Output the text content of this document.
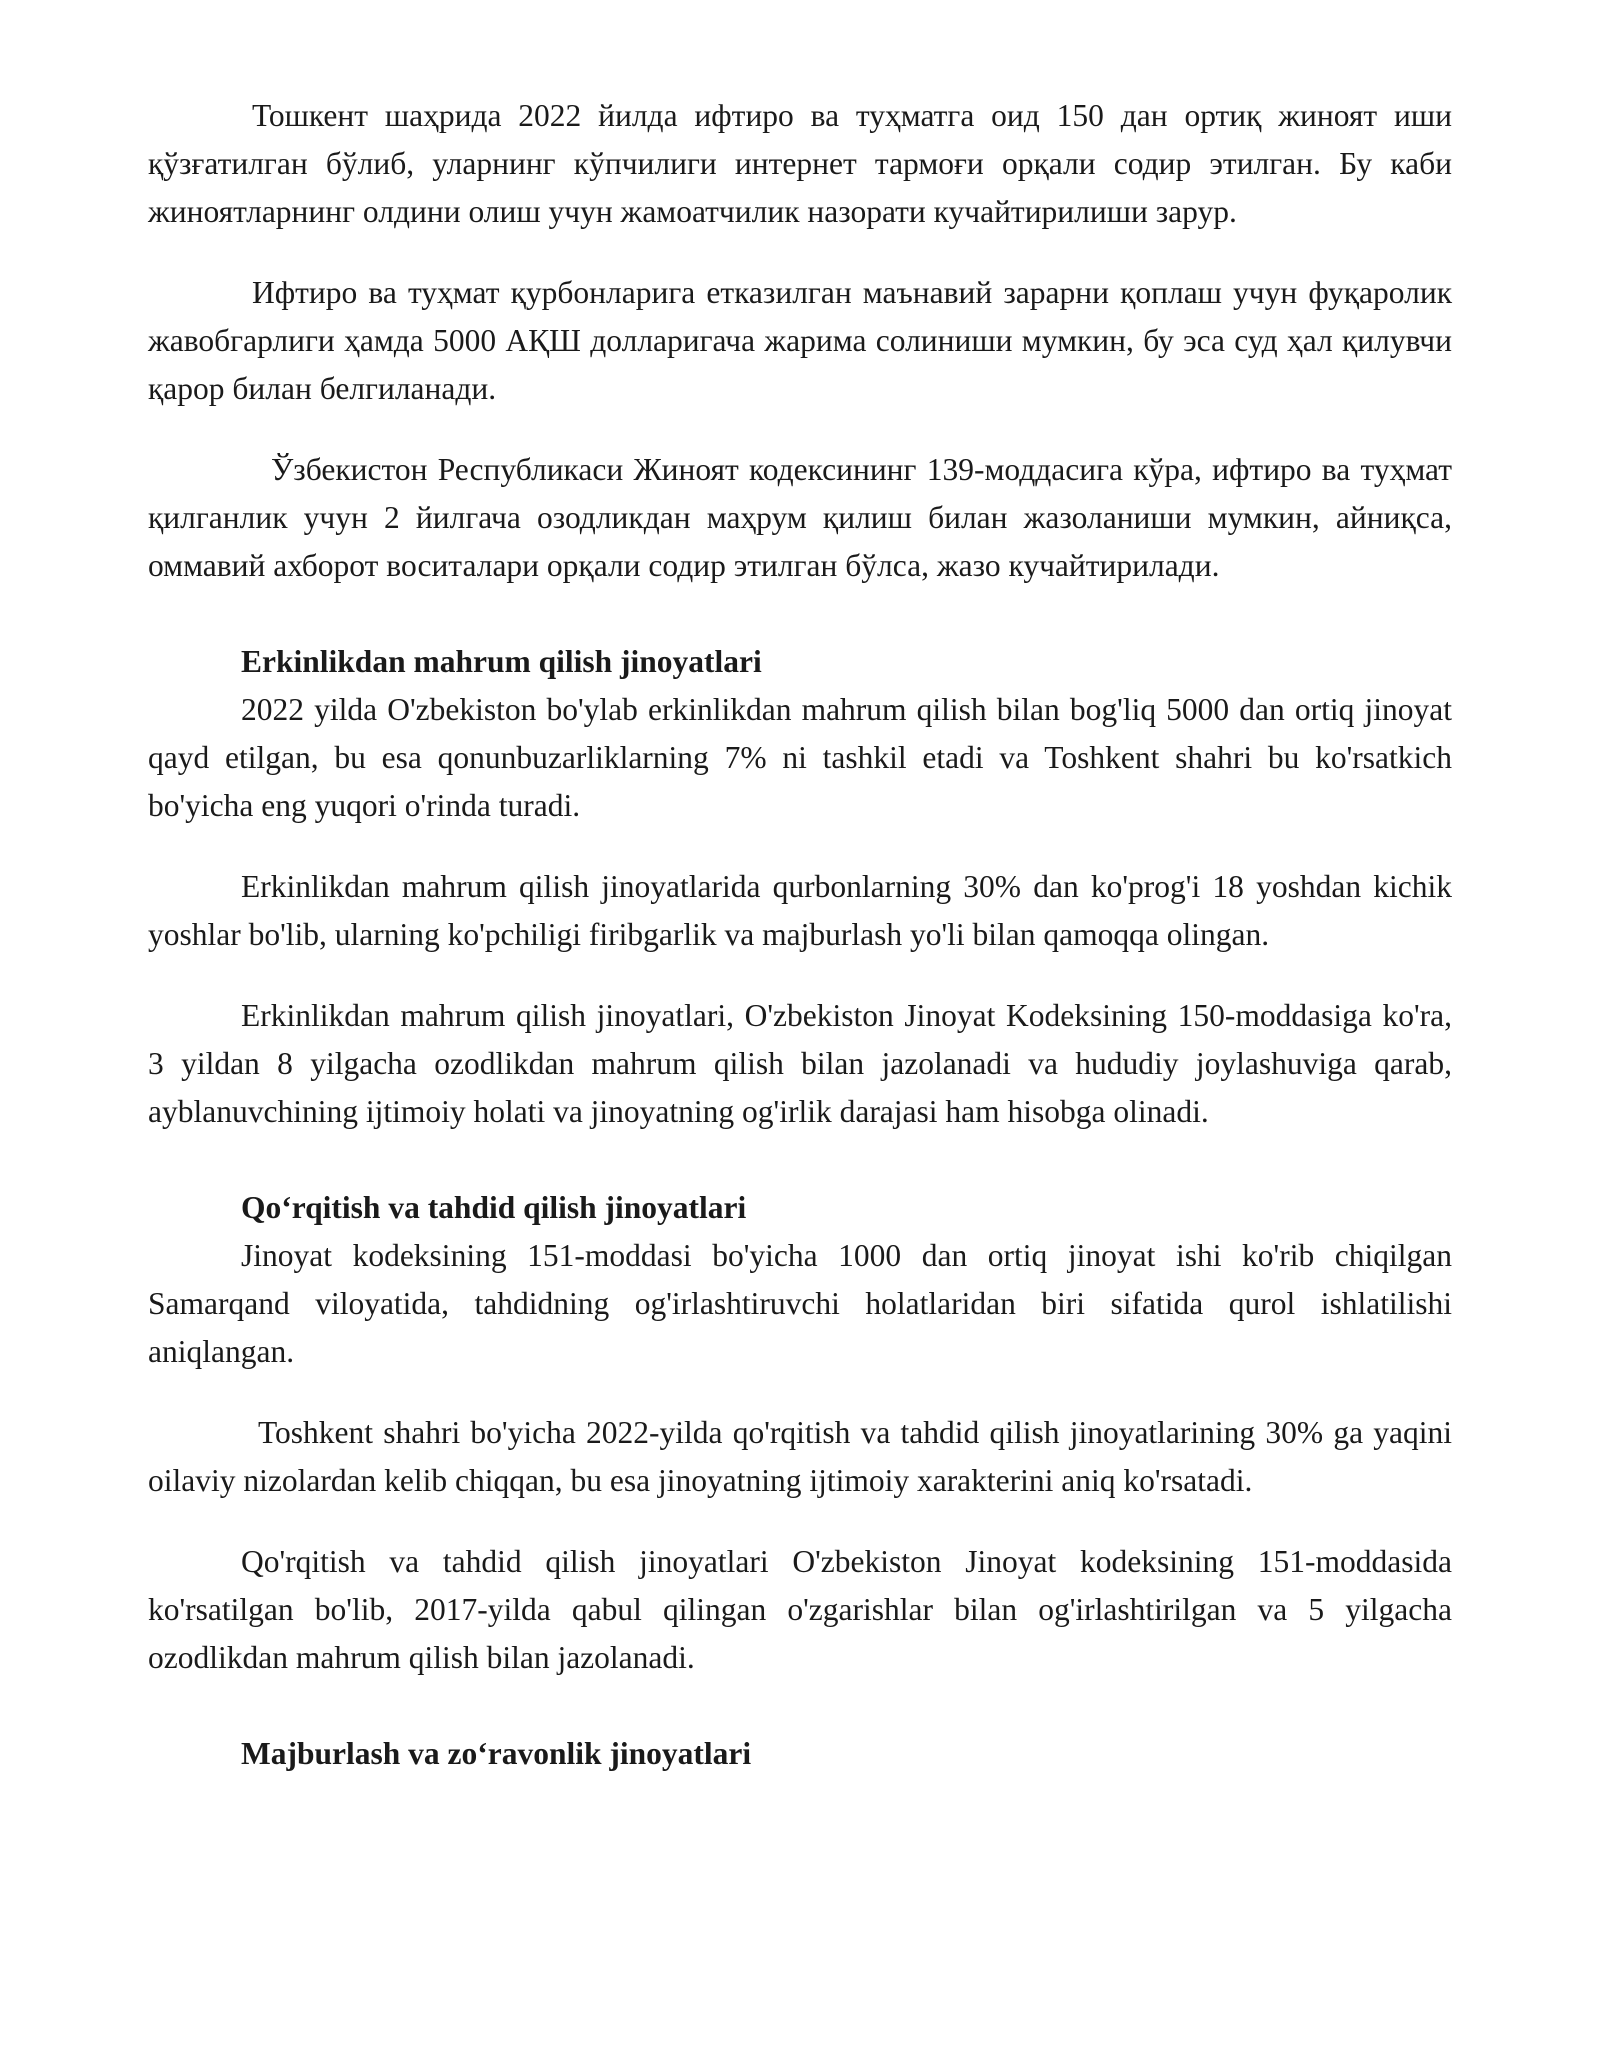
Тошкент шаҳрида 2022 йилда ифтиро ва туҳматга оид 150 дан ортиқ жиноят иши қўзғатилган бўлиб, уларнинг кўпчилиги интернет тармоғи орқали содир этилган. Бу каби жиноятларнинг олдини олиш учун жамоатчилик назорати кучайтирилиши зарур.

Ифтиро ва туҳмат қурбонларига етказилган маънавий зарарни қоплаш учун фуқаролик жавобгарлиги ҳамда 5000 АҚШ долларигача жарима солиниши мумкин, бу эса суд ҳал қилувчи қарор билан белгиланади.

Ўзбекистон Республикаси Жиноят кодексининг 139-моддасига кўра, ифтиро ва туҳмат қилганлик учун 2 йилгача озодликдан маҳрум қилиш билан жазоланиши мумкин, айниқса, оммавий ахборот воситалари орқали содир этилган бўлса, жазо кучайтирилади.

Erkinlikdan mahrum qilish jinoyatlari

2022 yilda O'zbekiston bo'ylab erkinlikdan mahrum qilish bilan bog'liq 5000 dan ortiq jinoyat qayd etilgan, bu esa qonunbuzarliklarning 7% ni tashkil etadi va Toshkent shahri bu ko'rsatkich bo'yicha eng yuqori o'rinda turadi.

Erkinlikdan mahrum qilish jinoyatlarida qurbonlarning 30% dan ko'prog'i 18 yoshdan kichik yoshlar bo'lib, ularning ko'pchiligi firibgarlik va majburlash yo'li bilan qamoqqa olingan.

Erkinlikdan mahrum qilish jinoyatlari, O'zbekiston Jinoyat Kodeksining 150-moddasiga ko'ra, 3 yildan 8 yilgacha ozodlikdan mahrum qilish bilan jazolanadi va hududiy joylashuviga qarab, ayblanuvchining ijtimoiy holati va jinoyatning og'irlik darajasi ham hisobga olinadi.

Qoʻrqitish va tahdid qilish jinoyatlari

Jinoyat kodeksining 151-moddasi bo'yicha 1000 dan ortiq jinoyat ishi ko'rib chiqilgan Samarqand viloyatida, tahdidning og'irlashtiruvchi holatlaridan biri sifatida qurol ishlatilishi aniqlangan.

Toshkent shahri bo'yicha 2022-yilda qo'rqitish va tahdid qilish jinoyatlarining 30% ga yaqini oilaviy nizolardan kelib chiqqan, bu esa jinoyatning ijtimoiy xarakterini aniq ko'rsatadi.

Qo'rqitish va tahdid qilish jinoyatlari O'zbekiston Jinoyat kodeksining 151-moddasida ko'rsatilgan bo'lib, 2017-yilda qabul qilingan o'zgarishlar bilan og'irlashtirilgan va 5 yilgacha ozodlikdan mahrum qilish bilan jazolanadi.

Majburlash va zoʻravonlik jinoyatlari
